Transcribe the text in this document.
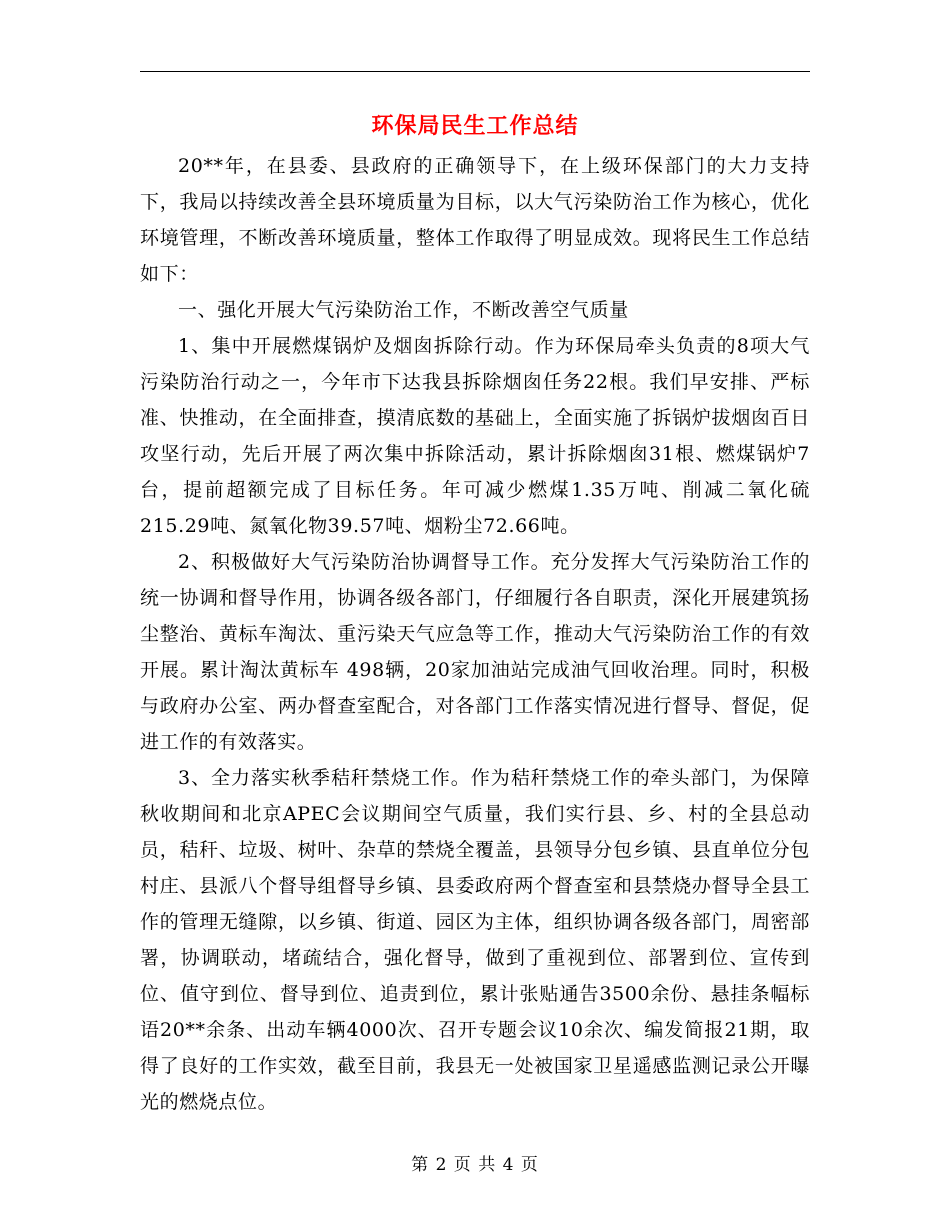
环保局民生工作总结

20**年，在县委、县政府的正确领导下，在上级环保部门的大力支持下，我局以持续改善全县环境质量为目标，以大气污染防治工作为核心，优化环境管理，不断改善环境质量，整体工作取得了明显成效。现将民生工作总结如下：

一、强化开展大气污染防治工作，不断改善空气质量

1、集中开展燃煤锅炉及烟囱拆除行动。作为环保局牵头负责的8项大气污染防治行动之一，今年市下达我县拆除烟囱任务22根。我们早安排、严标准、快推动，在全面排查，摸清底数的基础上，全面实施了拆锅炉拔烟囱百日攻坚行动，先后开展了两次集中拆除活动，累计拆除烟囱31根、燃煤锅炉7台，提前超额完成了目标任务。年可减少燃煤1.35万吨、削减二氧化硫215.29吨、氮氧化物39.57吨、烟粉尘72.66吨。

2、积极做好大气污染防治协调督导工作。充分发挥大气污染防治工作的统一协调和督导作用，协调各级各部门，仔细履行各自职责，深化开展建筑扬尘整治、黄标车淘汰、重污染天气应急等工作，推动大气污染防治工作的有效开展。累计淘汰黄标车 498辆，20家加油站完成油气回收治理。同时，积极与政府办公室、两办督查室配合，对各部门工作落实情况进行督导、督促，促进工作的有效落实。

3、全力落实秋季秸秆禁烧工作。作为秸秆禁烧工作的牵头部门，为保障秋收期间和北京APEC会议期间空气质量，我们实行县、乡、村的全县总动员，秸秆、垃圾、树叶、杂草的禁烧全覆盖，县领导分包乡镇、县直单位分包村庄、县派八个督导组督导乡镇、县委政府两个督查室和县禁烧办督导全县工作的管理无缝隙，以乡镇、街道、园区为主体，组织协调各级各部门，周密部署，协调联动，堵疏结合，强化督导，做到了重视到位、部署到位、宣传到位、值守到位、督导到位、追责到位，累计张贴通告3500余份、悬挂条幅标语20**余条、出动车辆4000次、召开专题会议10余次、编发简报21期，取得了良好的工作实效，截至目前，我县无一处被国家卫星遥感监测记录公开曝光的燃烧点位。

第 2 页 共 4 页
